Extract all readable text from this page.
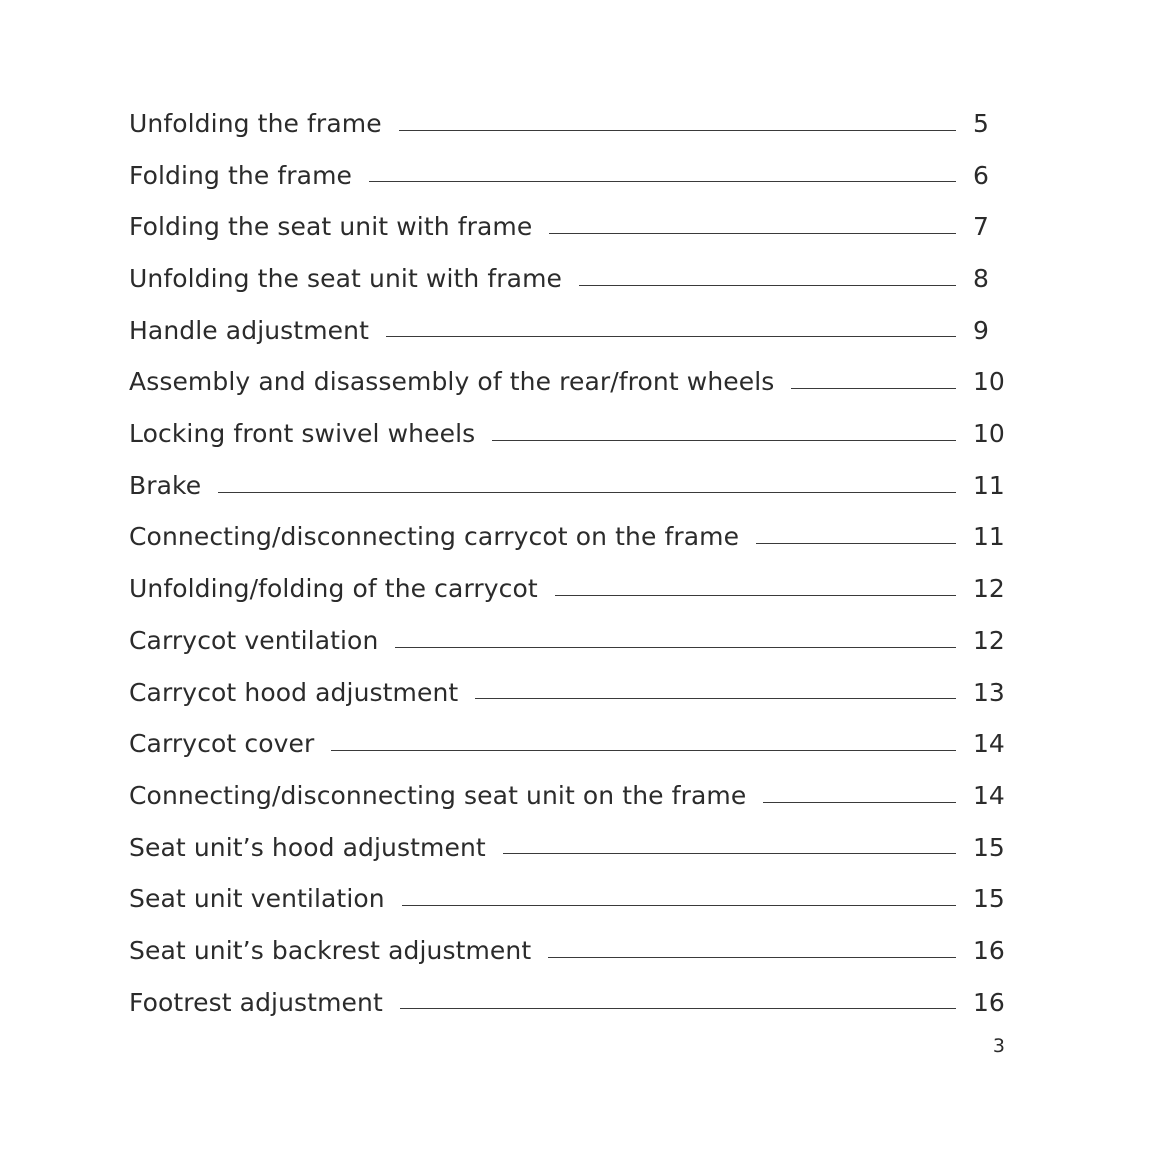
Unfolding the frame	5
Folding the frame	6
Folding the seat unit with frame	7
Unfolding the seat unit with frame	8
Handle adjustment	9
Assembly and disassembly of the rear/front wheels	10
Locking front swivel wheels	10
Brake	11
Connecting/disconnecting carrycot on the frame	11
Unfolding/folding of the carrycot	12
Carrycot ventilation	12
Carrycot hood adjustment	13
Carrycot cover	14
Connecting/disconnecting seat unit on the frame	14
Seat unit’s hood adjustment	15
Seat unit ventilation	15
Seat unit’s backrest adjustment	16
Footrest adjustment	16
3
